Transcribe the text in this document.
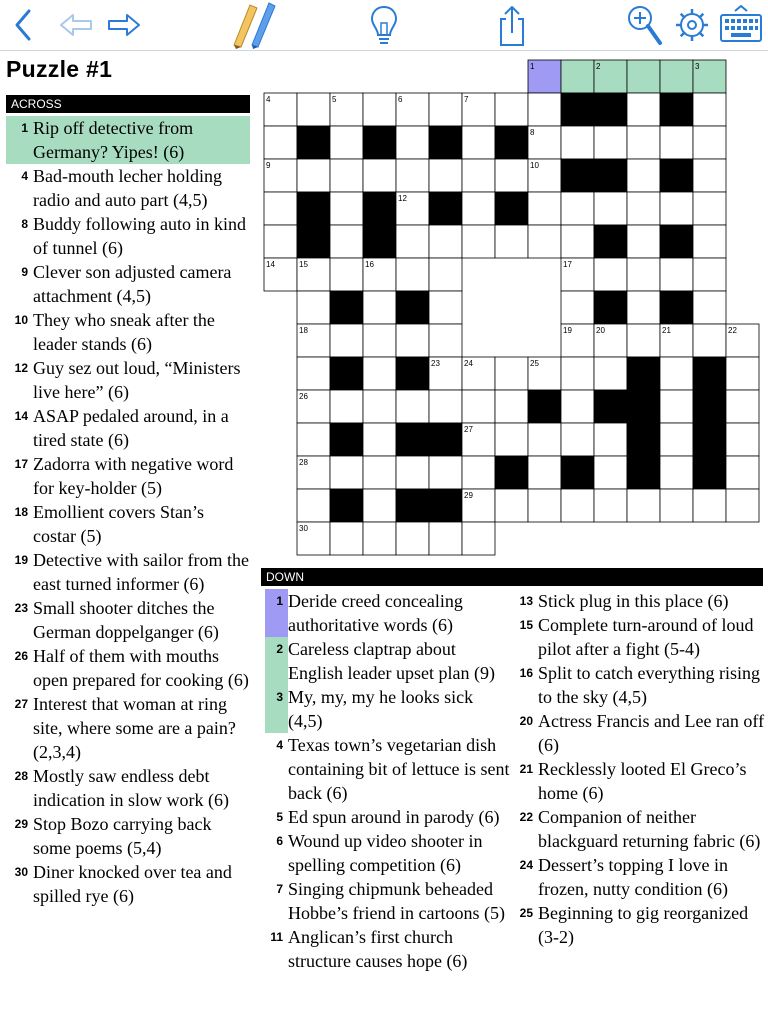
Puzzle #1
ACROSS
1 Rip off detective from Germany? Yipes! (6)
4 Bad-mouth lecher holding radio and auto part (4,5)
8 Buddy following auto in kind of tunnel (6)
9 Clever son adjusted camera attachment (4,5)
10 They who sneak after the leader stands (6)
12 Guy sez out loud, “Ministers live here” (6)
14 ASAP pedaled around, in a tired state (6)
17 Zadorra with negative word for key-holder (5)
18 Emollient covers Stan’s costar (5)
19 Detective with sailor from the east turned informer (6)
23 Small shooter ditches the German doppelganger (6)
26 Half of them with mouths open prepared for cooking (6)
27 Interest that woman at ring site, where some are a pain? (2,3,4)
28 Mostly saw endless debt indication in slow work (6)
29 Stop Bozo carrying back some poems (5,4)
30 Diner knocked over tea and spilled rye (6)
1	2	3
4	5	6	7
8
9	10	11
12	13
14	15	16	17
18	19	20	21	22
23	24	25
26
27
28
29
30
DOWN
1 Deride creed concealing authoritative words (6)
2 Careless claptrap about English leader upset plan (9)
3 My, my, my he looks sick (4,5)
4 Texas town’s vegetarian dish containing bit of lettuce is sent back (6)
5 Ed spun around in parody (6)
6 Wound up video shooter in spelling competition (6)
7 Singing chipmunk beheaded Hobbe’s friend in cartoons (5)
11 Anglican’s first church structure causes hope (6)
13 Stick plug in this place (6)
15 Complete turn-around of loud pilot after a fight (5-4)
16 Split to catch everything rising to the sky (4,5)
20 Actress Francis and Lee ran off (6)
21 Recklessly looted El Greco’s home (6)
22 Companion of neither blackguard returning fabric (6)
24 Dessert’s topping I love in frozen, nutty condition (6)
25 Beginning to gig reorganized (3-2)
